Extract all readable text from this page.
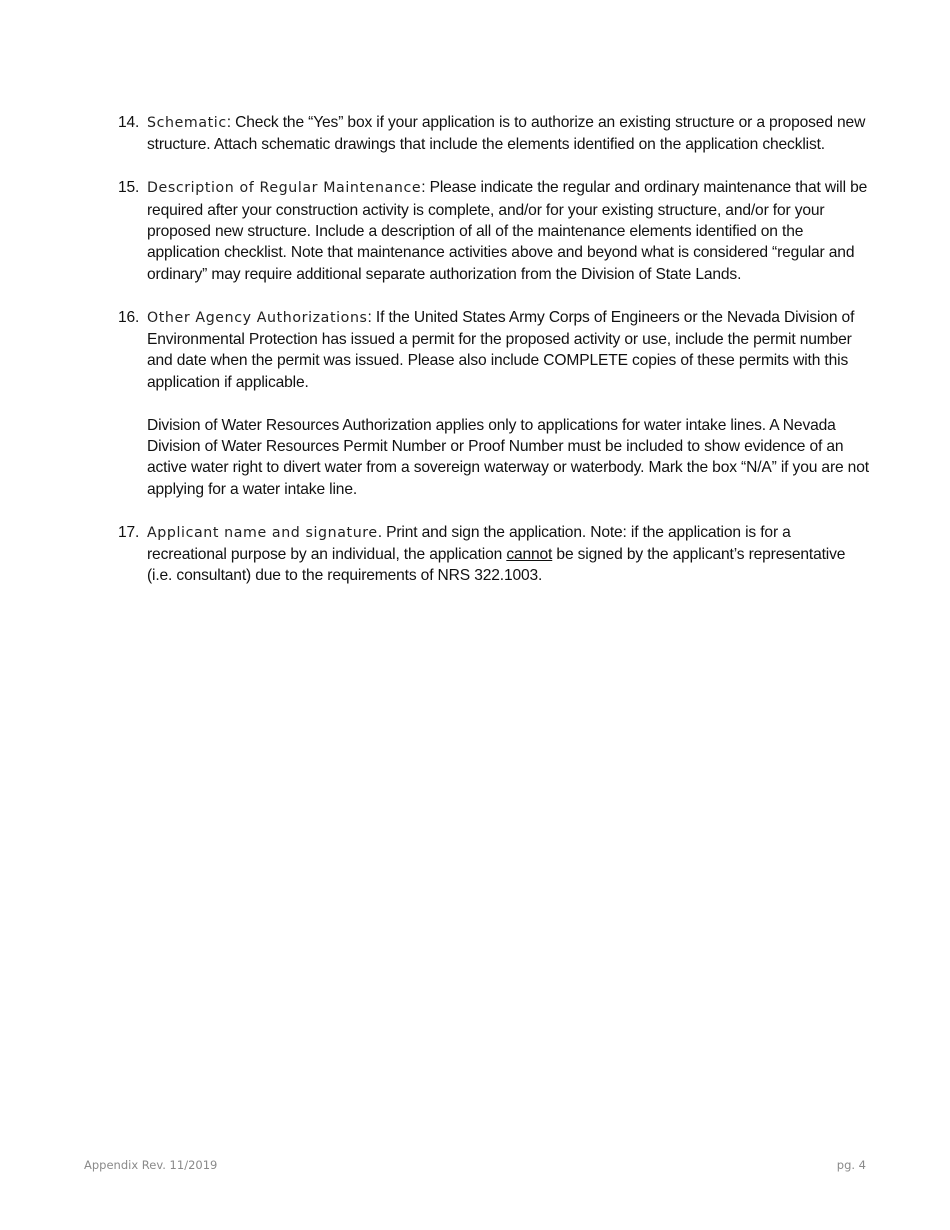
14. Schematic: Check the “Yes” box if your application is to authorize an existing structure or a proposed new structure. Attach schematic drawings that include the elements identified on the application checklist.
15. Description of Regular Maintenance: Please indicate the regular and ordinary maintenance that will be required after your construction activity is complete, and/or for your existing structure, and/or for your proposed new structure. Include a description of all of the maintenance elements identified on the application checklist. Note that maintenance activities above and beyond what is considered “regular and ordinary” may require additional separate authorization from the Division of State Lands.
16. Other Agency Authorizations: If the United States Army Corps of Engineers or the Nevada Division of Environmental Protection has issued a permit for the proposed activity or use, include the permit number and date when the permit was issued. Please also include COMPLETE copies of these permits with this application if applicable.
Division of Water Resources Authorization applies only to applications for water intake lines. A Nevada Division of Water Resources Permit Number or Proof Number must be included to show evidence of an active water right to divert water from a sovereign waterway or waterbody. Mark the box “N/A” if you are not applying for a water intake line.
17. Applicant name and signature. Print and sign the application. Note: if the application is for a recreational purpose by an individual, the application cannot be signed by the applicant’s representative (i.e. consultant) due to the requirements of NRS 322.1003.
Appendix Rev. 11/2019	pg. 4
